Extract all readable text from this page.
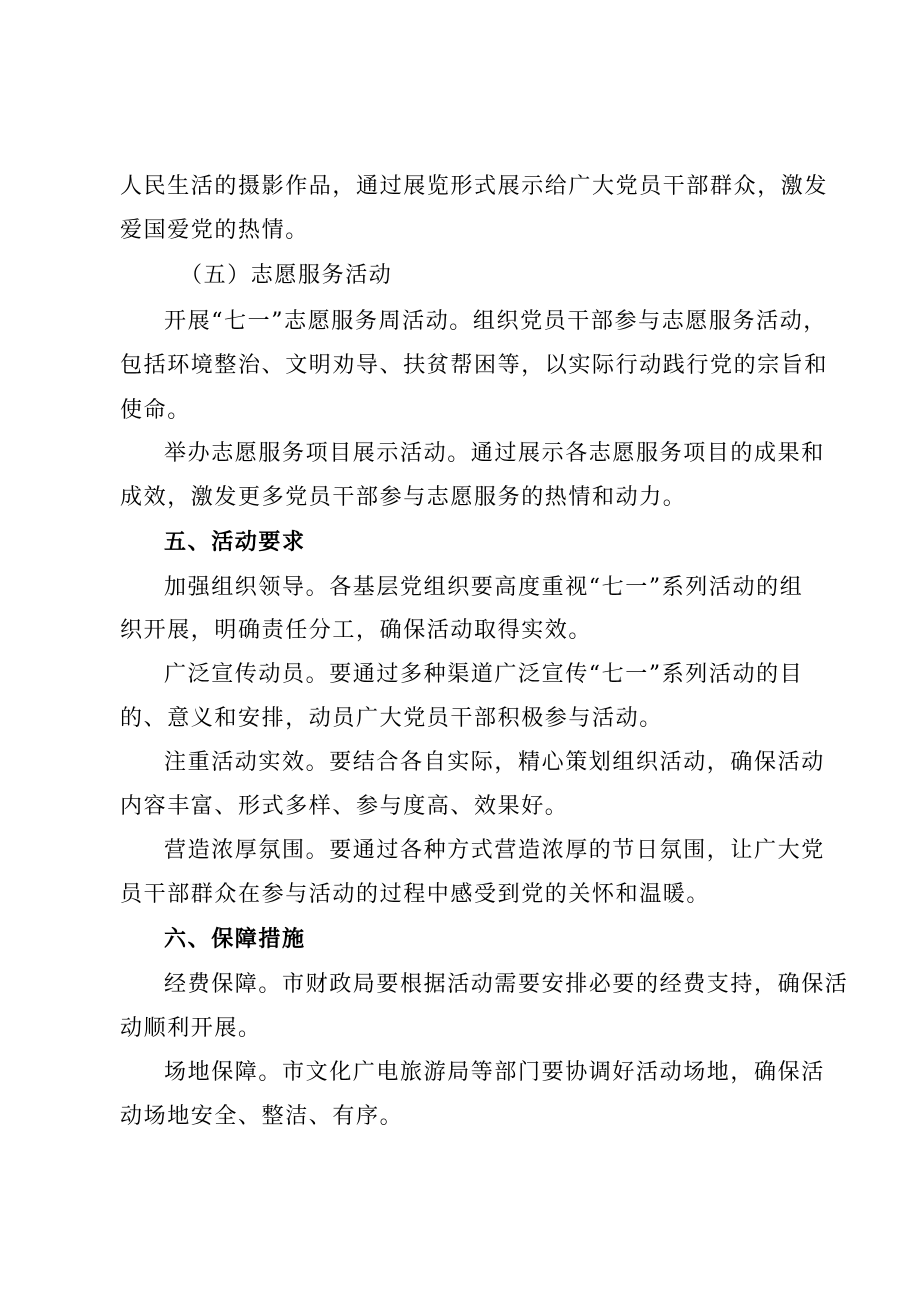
人民生活的摄影作品，通过展览形式展示给广大党员干部群众，激发
爱国爱党的热情。
（五）志愿服务活动
开展“七一”志愿服务周活动。组织党员干部参与志愿服务活动，
包括环境整治、文明劝导、扶贫帮困等，以实际行动践行党的宗旨和
使命。
举办志愿服务项目展示活动。通过展示各志愿服务项目的成果和
成效，激发更多党员干部参与志愿服务的热情和动力。
五、活动要求
加强组织领导。各基层党组织要高度重视“七一”系列活动的组
织开展，明确责任分工，确保活动取得实效。
广泛宣传动员。要通过多种渠道广泛宣传“七一”系列活动的目
的、意义和安排，动员广大党员干部积极参与活动。
注重活动实效。要结合各自实际，精心策划组织活动，确保活动
内容丰富、形式多样、参与度高、效果好。
营造浓厚氛围。要通过各种方式营造浓厚的节日氛围，让广大党
员干部群众在参与活动的过程中感受到党的关怀和温暖。
六、保障措施
经费保障。市财政局要根据活动需要安排必要的经费支持，确保活
动顺利开展。
场地保障。市文化广电旅游局等部门要协调好活动场地，确保活
动场地安全、整洁、有序。
